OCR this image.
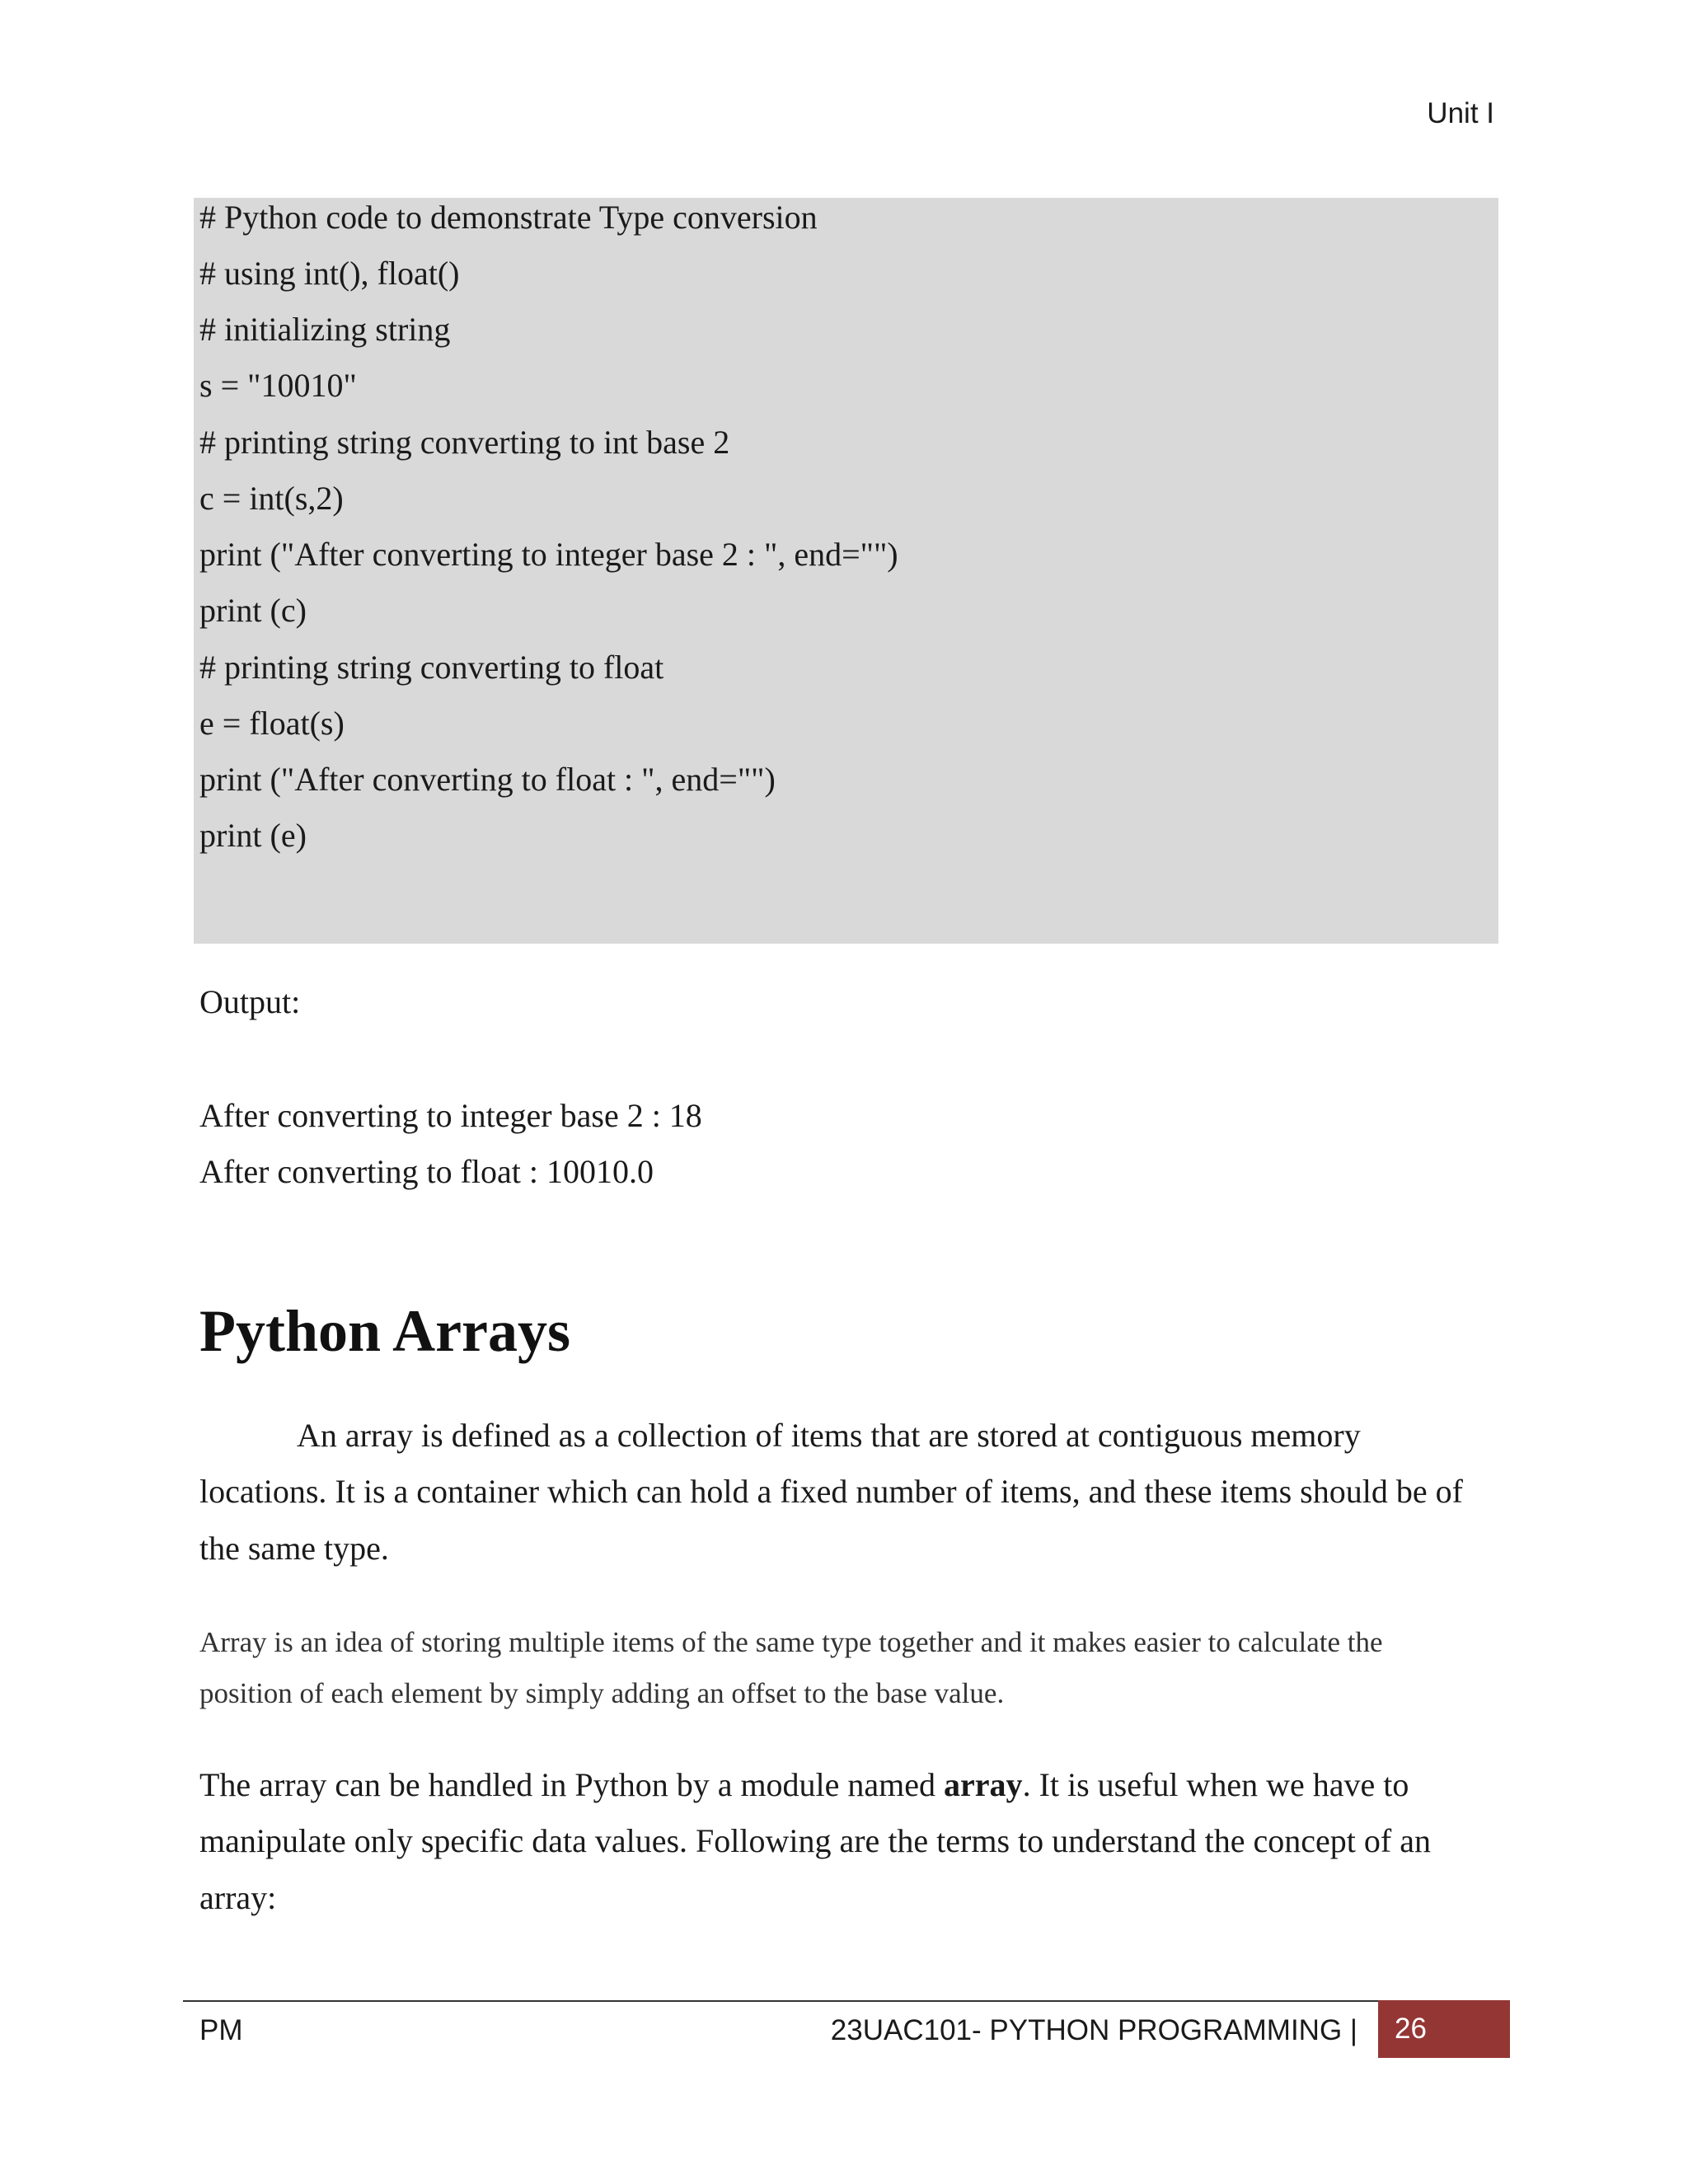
Unit I
# Python code to demonstrate Type conversion
# using int(), float()
# initializing string
s = "10010"
# printing string converting to int base 2
c = int(s,2)
print ("After converting to integer base 2 : ", end="")
print (c)
# printing string converting to float
e = float(s)
print ("After converting to float : ", end="")
print (e)
Output:
After converting to integer base 2 : 18
After converting to float : 10010.0
Python Arrays
An array is defined as a collection of items that are stored at contiguous memory
locations. It is a container which can hold a fixed number of items, and these items should be of
the same type.
Array is an idea of storing multiple items of the same type together and it makes easier to calculate the
position of each element by simply adding an offset to the base value.
The array can be handled in Python by a module named array. It is useful when we have to
manipulate only specific data values. Following are the terms to understand the concept of an
array:
PM	23UAC101- PYTHON PROGRAMMING | 26
